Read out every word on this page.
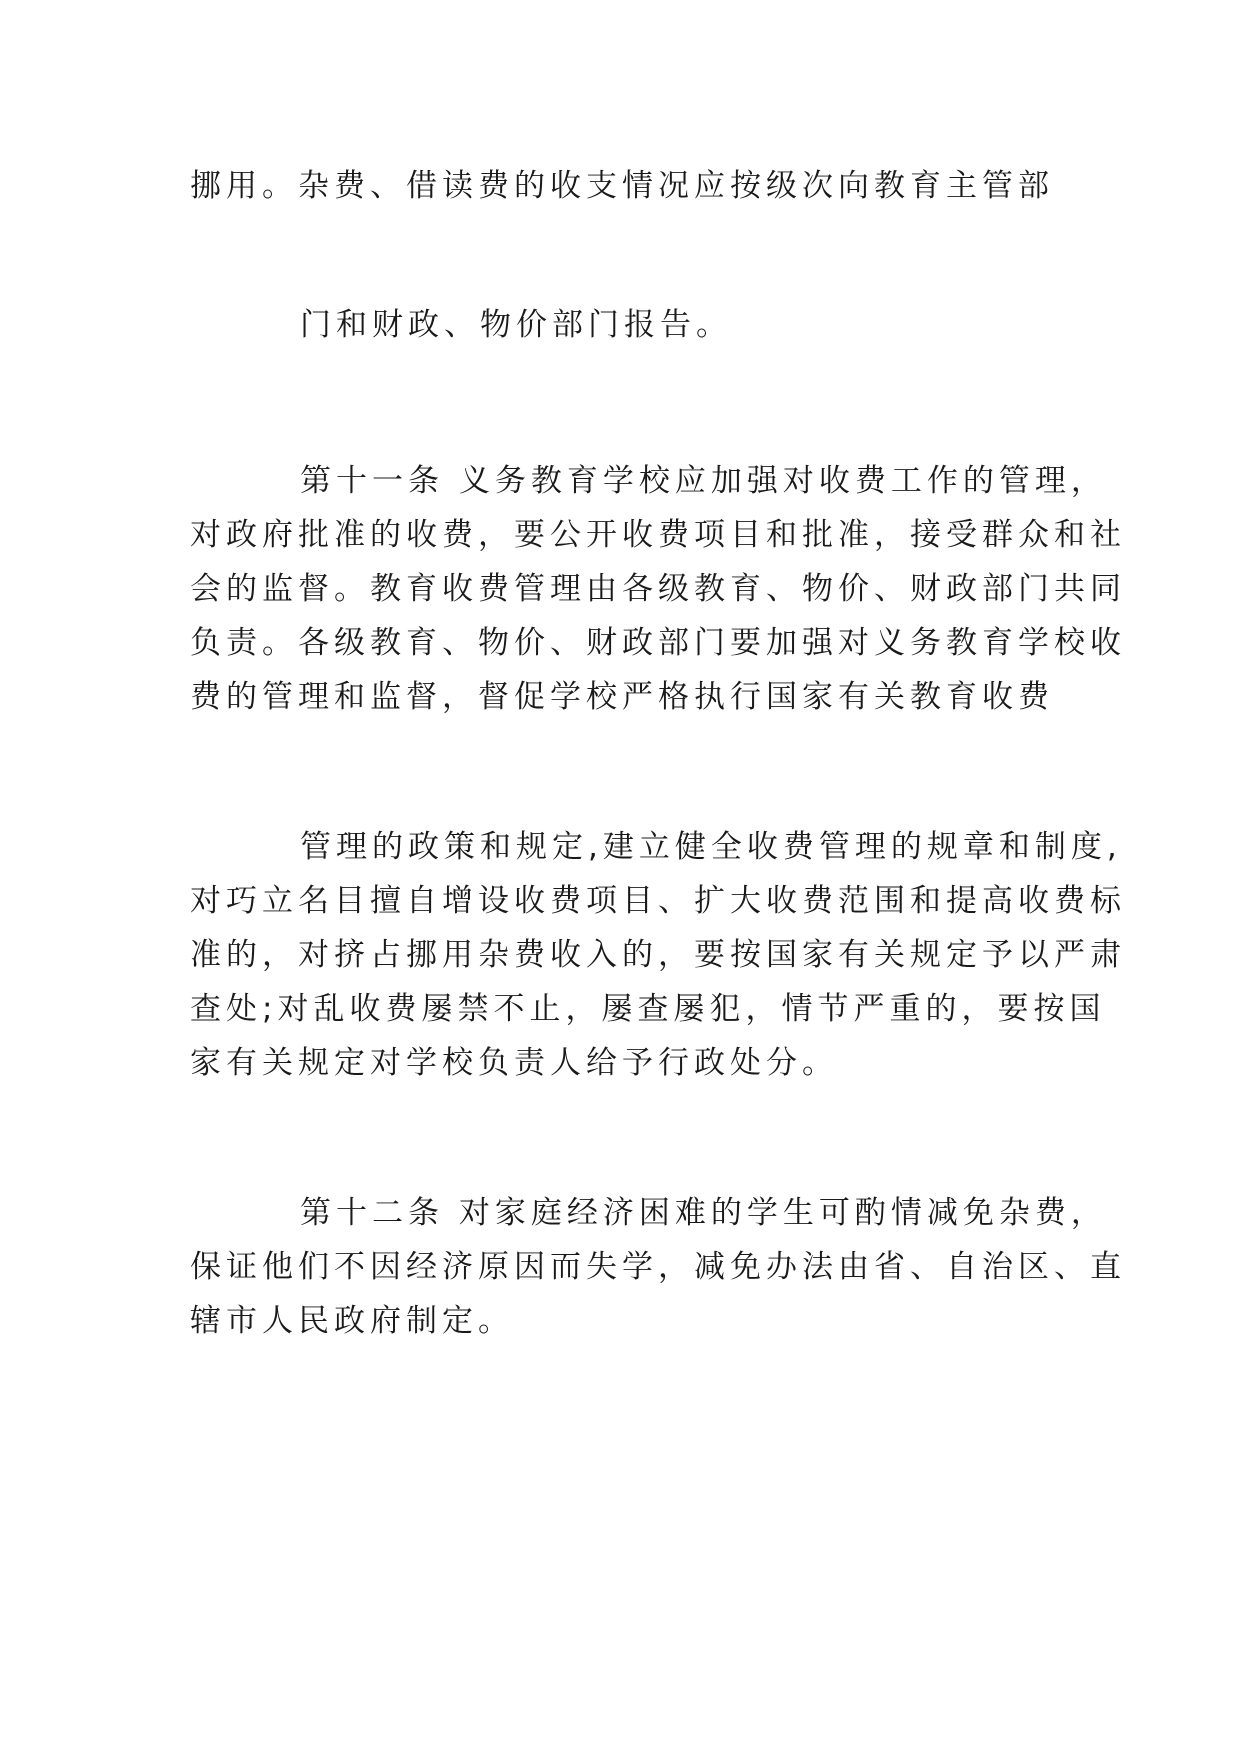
挪用。杂费、借读费的收支情况应按级次向教育主管部
门和财政、物价部门报告。
第十一条 义务教育学校应加强对收费工作的管理，
对政府批准的收费，要公开收费项目和批准，接受群众和社
会的监督。教育收费管理由各级教育、物价、财政部门共同
负责。各级教育、物价、财政部门要加强对义务教育学校收
费的管理和监督，督促学校严格执行国家有关教育收费
管理的政策和规定,建立健全收费管理的规章和制度,
对巧立名目擅自增设收费项目、扩大收费范围和提高收费标
准的，对挤占挪用杂费收入的，要按国家有关规定予以严肃
查处;对乱收费屡禁不止，屡查屡犯，情节严重的，要按国
家有关规定对学校负责人给予行政处分。
第十二条 对家庭经济困难的学生可酌情减免杂费，
保证他们不因经济原因而失学，减免办法由省、自治区、直
辖市人民政府制定。
